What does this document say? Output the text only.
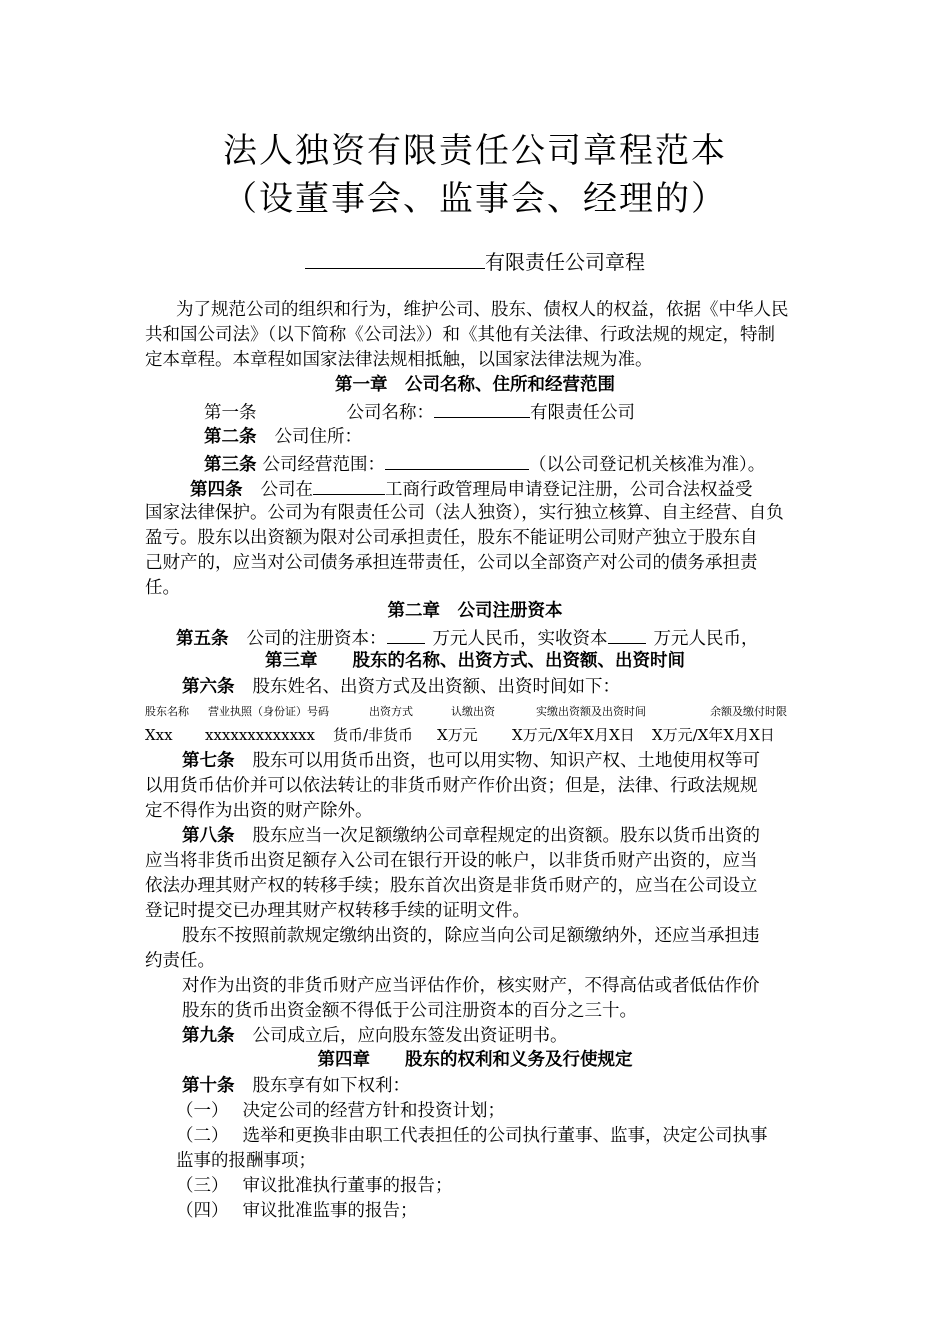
法人独资有限责任公司章程范本
（设董事会、监事会、经理的）
有限责任公司章程
为了规范公司的组织和行为，维护公司、股东、债权人的权益，依据《中华人民
共和国公司法》（以下简称《公司法》）和《其他有关法律、行政法规的规定，特制
定本章程。本章程如国家法律法规相抵触，以国家法律法规为准。
第一章　公司名称、住所和经营范围
第一条	公司名称：	有限责任公司
第二条 公司住所：
第三条 公司经营范围：	（以公司登记机关核准为准）。
第四条 公司在	工商行政管理局申请登记注册，公司合法权益受
国家法律保护。公司为有限责任公司（法人独资），实行独立核算、自主经营、自负
盈亏。股东以出资额为限对公司承担责任，股东不能证明公司财产独立于股东自
己财产的，应当对公司债务承担连带责任，公司以全部资产对公司的债务承担责
任。
第二章　公司注册资本
第五条 公司的注册资本：	万元人民币，实收资本	万元人民币，
第三章　　股东的名称、出资方式、出资额、出资时间
第六条 股东姓名、出资方式及出资额、出资时间如下：
股东名称 营业执照（身份证）号码	出资方式	认缴出资	实缴出资额及出资时间	余额及缴付时限
Xxx xxxxxxxxxxxxx 货币/非货币 X万元 X万元/X年X月X日 X万元/X年X月X日
第七条 股东可以用货币出资，也可以用实物、知识产权、土地使用权等可
以用货币估价并可以依法转让的非货币财产作价出资；但是，法律、行政法规规
定不得作为出资的财产除外。
第八条 股东应当一次足额缴纳公司章程规定的出资额。股东以货币出资的
应当将非货币出资足额存入公司在银行开设的帐户，以非货币财产出资的，应当
依法办理其财产权的转移手续；股东首次出资是非货币财产的，应当在公司设立
登记时提交已办理其财产权转移手续的证明文件。
股东不按照前款规定缴纳出资的，除应当向公司足额缴纳外，还应当承担违
约责任。
对作为出资的非货币财产应当评估作价，核实财产，不得高估或者低估作价
股东的货币出资金额不得低于公司注册资本的百分之三十。
第九条 公司成立后，应向股东签发出资证明书。
第四章　　股东的权利和义务及行使规定
第十条 股东享有如下权利：
（一） 决定公司的经营方针和投资计划；
（二） 选举和更换非由职工代表担任的公司执行董事、监事，决定公司执事
监事的报酬事项；
（三） 审议批准执行董事的报告；
（四） 审议批准监事的报告；
